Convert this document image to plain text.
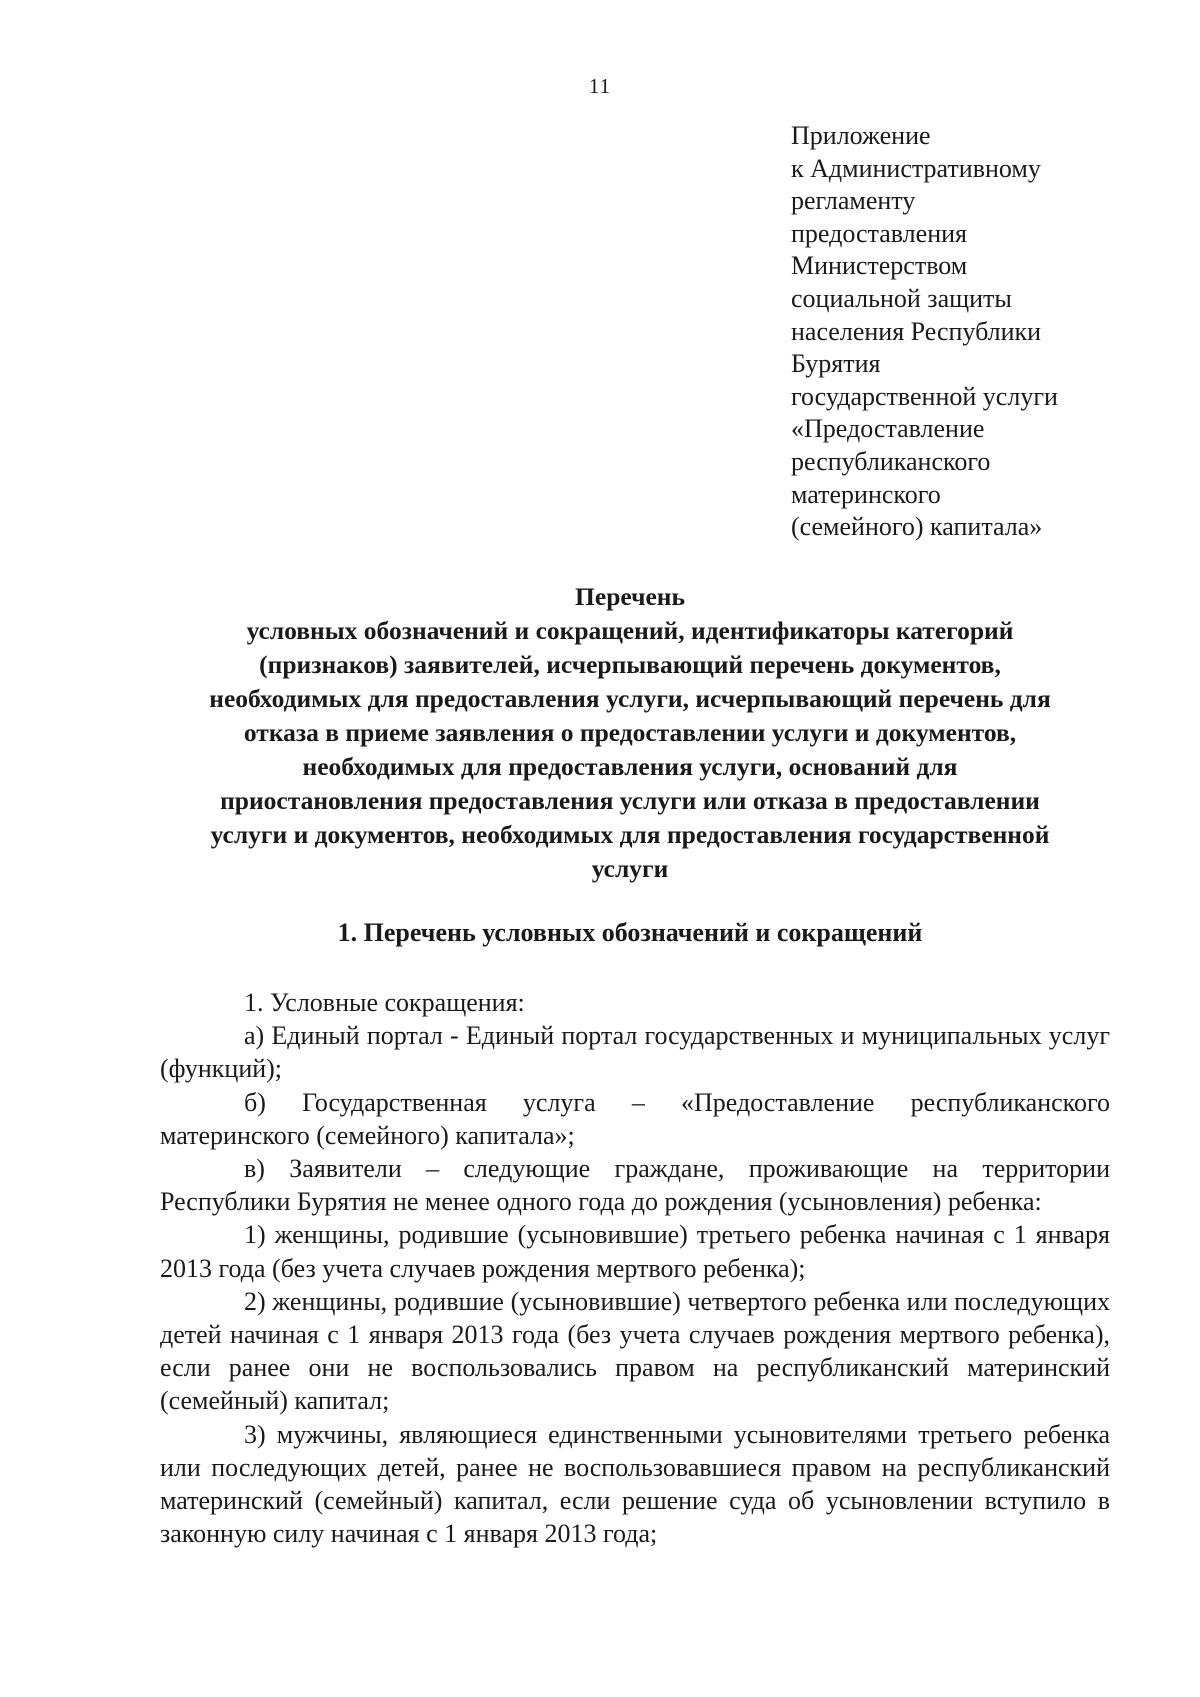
11
Приложение
к Административному
регламенту
предоставления
Министерством
социальной защиты
населения Республики
Бурятия
государственной услуги
«Предоставление
республиканского
материнского
(семейного) капитала»
Перечень
условных обозначений и сокращений, идентификаторы категорий
(признаков) заявителей, исчерпывающий перечень документов,
необходимых для предоставления услуги, исчерпывающий перечень для
отказа в приеме заявления о предоставлении услуги и документов,
необходимых для предоставления услуги, оснований для
приостановления предоставления услуги или отказа в предоставлении
услуги и документов, необходимых для предоставления государственной
услуги
1. Перечень условных обозначений и сокращений

1. Условные сокращения:

а) Единый портал - Единый портал государственных и муниципальных услуг (функций);

б) Государственная услуга – «Предоставление республиканского материнского (семейного) капитала»;

в) Заявители – следующие граждане, проживающие на территории Республики Бурятия не менее одного года до рождения (усыновления) ребенка:

1) женщины, родившие (усыновившие) третьего ребенка начиная с 1 января 2013 года (без учета случаев рождения мертвого ребенка);

2) женщины, родившие (усыновившие) четвертого ребенка или последующих детей начиная с 1 января 2013 года (без учета случаев рождения мертвого ребенка), если ранее они не воспользовались правом на республиканский материнский (семейный) капитал;

3) мужчины, являющиеся единственными усыновителями третьего ребенка или последующих детей, ранее не воспользовавшиеся правом на республиканский материнский (семейный) капитал, если решение суда об усыновлении вступило в законную силу начиная с 1 января 2013 года;
